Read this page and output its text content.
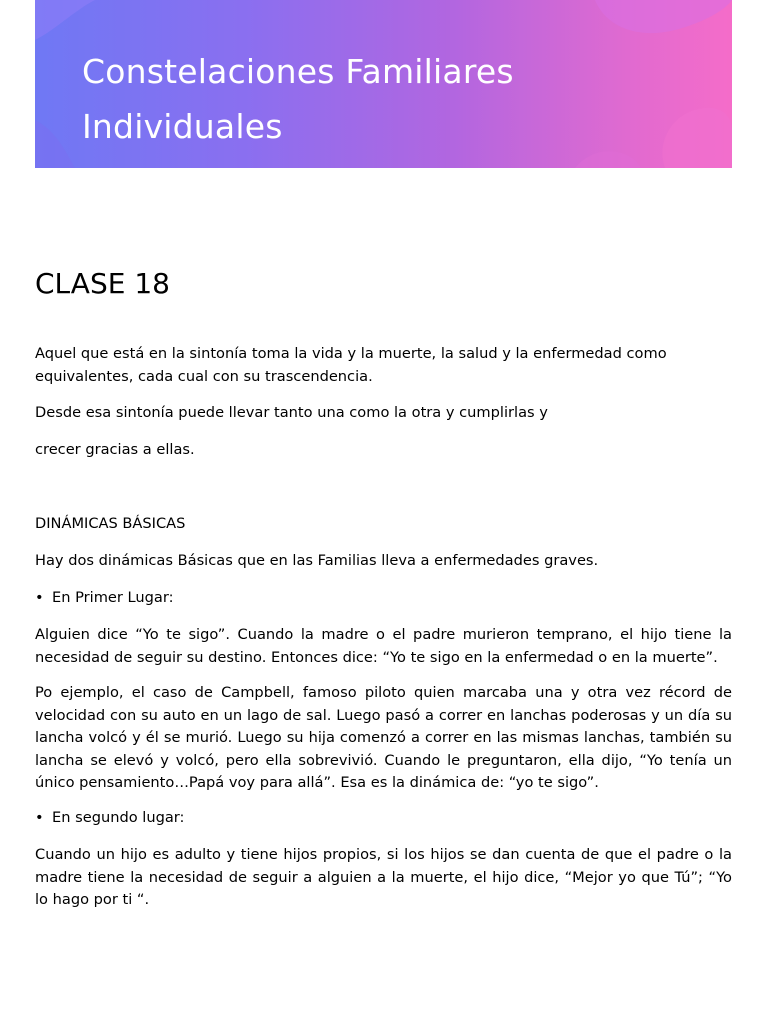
Constelaciones Familiares
Individuales
CLASE 18

Aquel que está en la sintonía toma la vida y la muerte, la salud y la enfermedad como equivalentes, cada cual con su trascendencia.

Desde esa sintonía puede llevar tanto una como la otra y cumplirlas y

crecer gracias a ellas.

DINÁMICAS BÁSICAS

Hay dos dinámicas Básicas que en las Familias lleva a enfermedades graves.

• En Primer Lugar:

Alguien dice “Yo te sigo”. Cuando la madre o el padre murieron temprano, el hijo tiene la necesidad de seguir su destino. Entonces dice: “Yo te sigo en la enfermedad o en la muerte”.

Po ejemplo, el caso de Campbell, famoso piloto quien marcaba una y otra vez récord de velocidad con su auto en un lago de sal. Luego pasó a correr en lanchas poderosas y un día su lancha volcó y él se murió. Luego su hija comenzó a correr en las mismas lanchas, también su lancha se elevó y volcó, pero ella sobrevivió. Cuando le preguntaron, ella dijo, “Yo tenía un único pensamiento…Papá voy para allá”. Esa es la dinámica de: “yo te sigo”.

• En segundo lugar:

Cuando un hijo es adulto y tiene hijos propios, si los hijos se dan cuenta de que el padre o la madre tiene la necesidad de seguir a alguien a la muerte, el hijo dice, “Mejor yo que Tú”; “Yo lo hago por ti “.
